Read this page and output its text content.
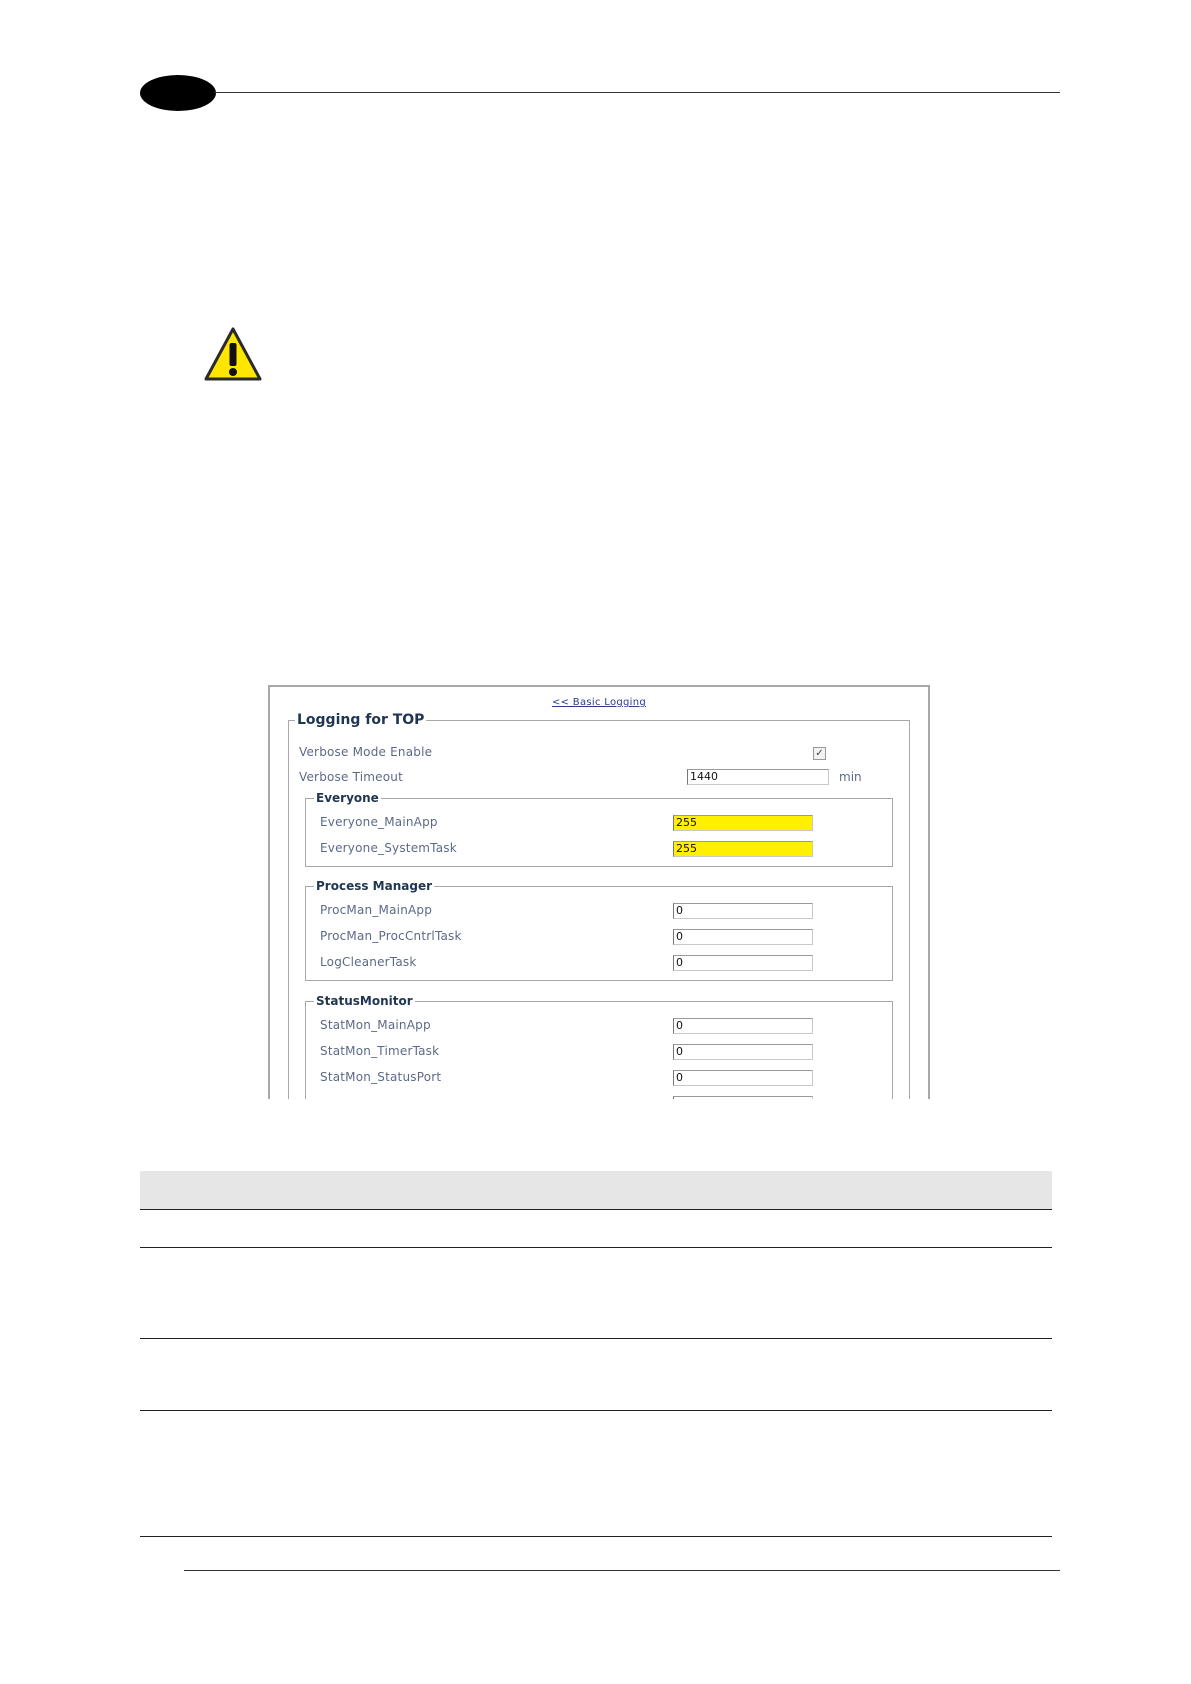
<< Basic Logging
Logging for TOP
Verbose Mode Enable	✓
Verbose Timeout	1440	min
Everyone
Everyone_MainApp	255
Everyone_SystemTask	255
Process Manager
ProcMan_MainApp	0
ProcMan_ProcCntrlTask	0
LogCleanerTask	0
StatusMonitor
StatMon_MainApp	0
StatMon_TimerTask	0
StatMon_StatusPort	0
